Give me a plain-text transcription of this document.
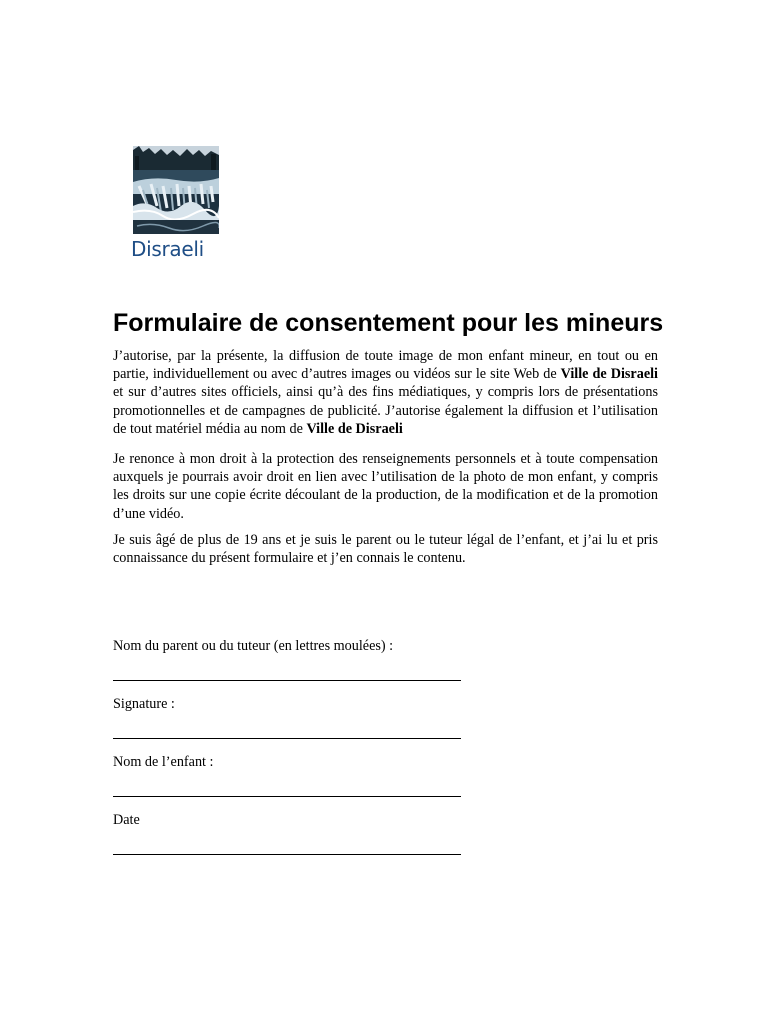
Disraeli
Formulaire de consentement pour les mineurs

J’autorise, par la présente, la diffusion de toute image de mon enfant mineur, en tout ou en partie, individuellement ou avec d’autres images ou vidéos sur le site Web de Ville de Disraeli et sur d’autres sites officiels, ainsi qu’à des fins médiatiques, y compris lors de présentations promotionnelles et de campagnes de publicité. J’autorise également la diffusion et l’utilisation de tout matériel média au nom de Ville de Disraeli

Je renonce à mon droit à la protection des renseignements personnels et à toute compensation auxquels je pourrais avoir droit en lien avec l’utilisation de la photo de mon enfant, y compris les droits sur une copie écrite découlant de la production, de la modification et de la promotion d’une vidéo.

Je suis âgé de plus de 19 ans et je suis le parent ou le tuteur légal de l’enfant, et j’ai lu et pris connaissance du présent formulaire et j’en connais le contenu.

Nom du parent ou du tuteur (en lettres moulées) :

Signature :

Nom de l’enfant :

Date
